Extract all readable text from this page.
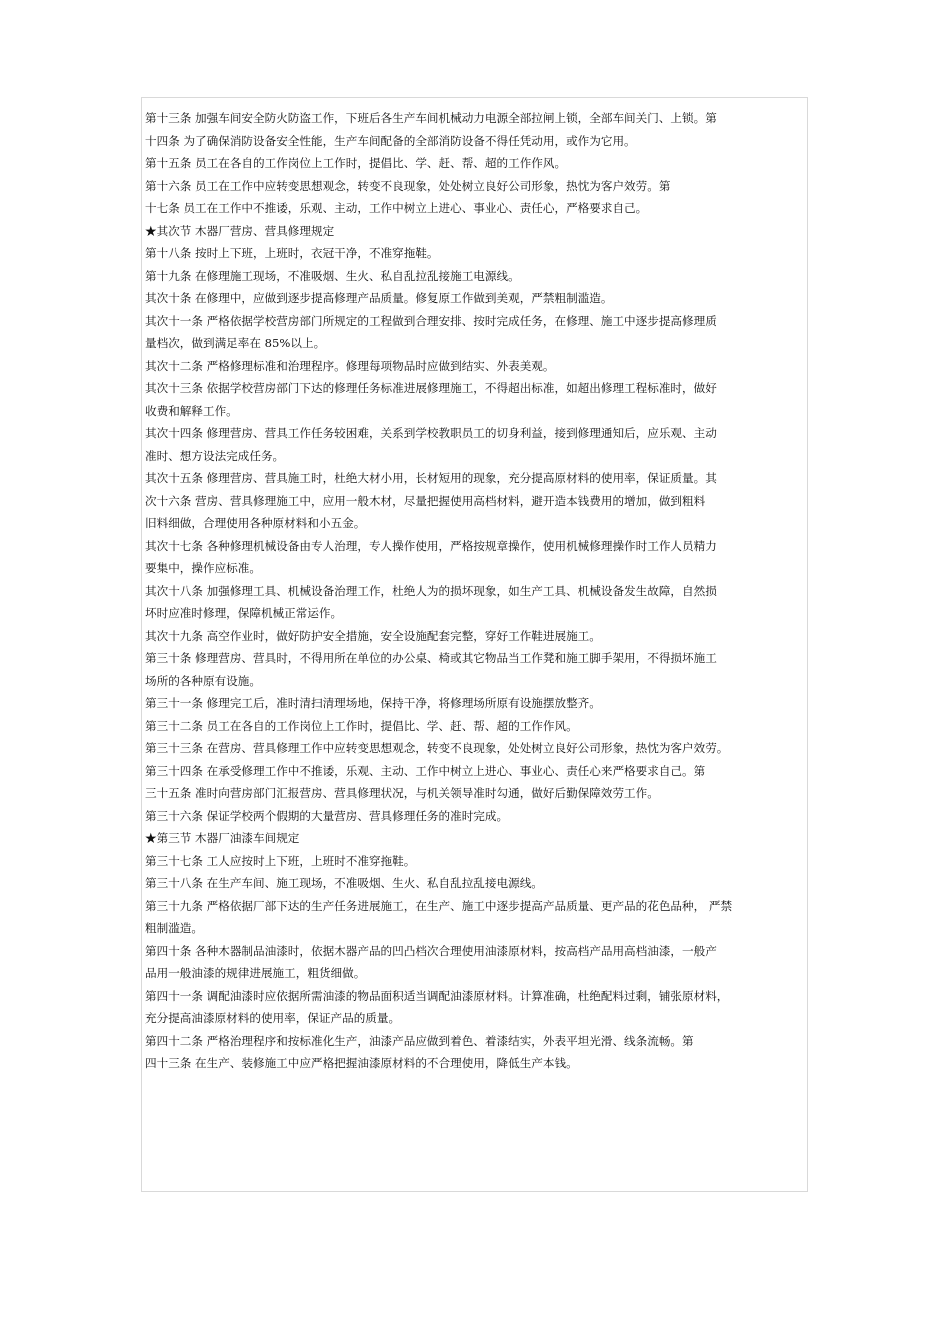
第十三条 加强车间安全防火防盗工作，下班后各生产车间机械动力电源全部拉闸上锁，全部车间关门、上锁。第
十四条 为了确保消防设备安全性能，生产车间配备的全部消防设备不得任凭动用，或作为它用。
第十五条 员工在各自的工作岗位上工作时，提倡比、学、赶、帮、超的工作作风。
第十六条 员工在工作中应转变思想观念，转变不良现象，处处树立良好公司形象，热忱为客户效劳。第
十七条 员工在工作中不推诿，乐观、主动，工作中树立上进心、事业心、责任心，严格要求自己。
★其次节 木器厂营房、营具修理规定
第十八条 按时上下班，上班时，衣冠干净，不准穿拖鞋。
第十九条 在修理施工现场，不准吸烟、生火、私自乱拉乱接施工电源线。
其次十条 在修理中，应做到逐步提高修理产品质量。修复原工作做到美观，严禁粗制滥造。
其次十一条 严格依据学校营房部门所规定的工程做到合理安排、按时完成任务，在修理、施工中逐步提高修理质
量档次，做到满足率在 85%以上。
其次十二条 严格修理标准和治理程序。修理每项物品时应做到结实、外表美观。
其次十三条 依据学校营房部门下达的修理任务标准进展修理施工，不得超出标准，如超出修理工程标准时，做好
收费和解释工作。
其次十四条 修理营房、营具工作任务较困难，关系到学校教职员工的切身利益，接到修理通知后，应乐观、主动
准时、想方设法完成任务。
其次十五条 修理营房、营具施工时，杜绝大材小用，长材短用的现象，充分提高原材料的使用率，保证质量。其
次十六条 营房、营具修理施工中，应用一般木材，尽量把握使用高档材料，避开造本钱费用的增加，做到粗料
旧料细做，合理使用各种原材料和小五金。
其次十七条 各种修理机械设备由专人治理，专人操作使用，严格按规章操作，使用机械修理操作时工作人员精力
要集中，操作应标准。
其次十八条 加强修理工具、机械设备治理工作，杜绝人为的损坏现象，如生产工具、机械设备发生故障，自然损
坏时应准时修理，保障机械正常运作。
其次十九条 高空作业时，做好防护安全措施，安全设施配套完整，穿好工作鞋进展施工。
第三十条 修理营房、营具时，不得用所在单位的办公桌、椅或其它物品当工作凳和施工脚手架用，不得损坏施工
场所的各种原有设施。
第三十一条 修理完工后，准时清扫清理场地，保持干净，将修理场所原有设施摆放整齐。
第三十二条 员工在各自的工作岗位上工作时，提倡比、学、赶、帮、超的工作作风。
第三十三条 在营房、营具修理工作中应转变思想观念，转变不良现象，处处树立良好公司形象，热忱为客户效劳。
第三十四条 在承受修理工作中不推诿，乐观、主动、工作中树立上进心、事业心、责任心来严格要求自己。第
三十五条 准时向营房部门汇报营房、营具修理状况，与机关领导准时勾通，做好后勤保障效劳工作。
第三十六条 保证学校两个假期的大量营房、营具修理任务的准时完成。
★第三节 木器厂油漆车间规定
第三十七条 工人应按时上下班，上班时不准穿拖鞋。
第三十八条 在生产车间、施工现场，不准吸烟、生火、私自乱拉乱接电源线。
第三十九条 严格依据厂部下达的生产任务进展施工，在生产、施工中逐步提高产品质量、更产品的花色品种， 严禁
粗制滥造。
第四十条 各种木器制品油漆时，依据木器产品的凹凸档次合理使用油漆原材料，按高档产品用高档油漆，一般产
品用一般油漆的规律进展施工，粗货细做。
第四十一条 调配油漆时应依据所需油漆的物品面积适当调配油漆原材料。计算准确，杜绝配料过剩，铺张原材料，
充分提高油漆原材料的使用率，保证产品的质量。
第四十二条 严格治理程序和按标准化生产，油漆产品应做到着色、着漆结实，外表平坦光滑、线条流畅。第
四十三条 在生产、装修施工中应严格把握油漆原材料的不合理使用，降低生产本钱。
